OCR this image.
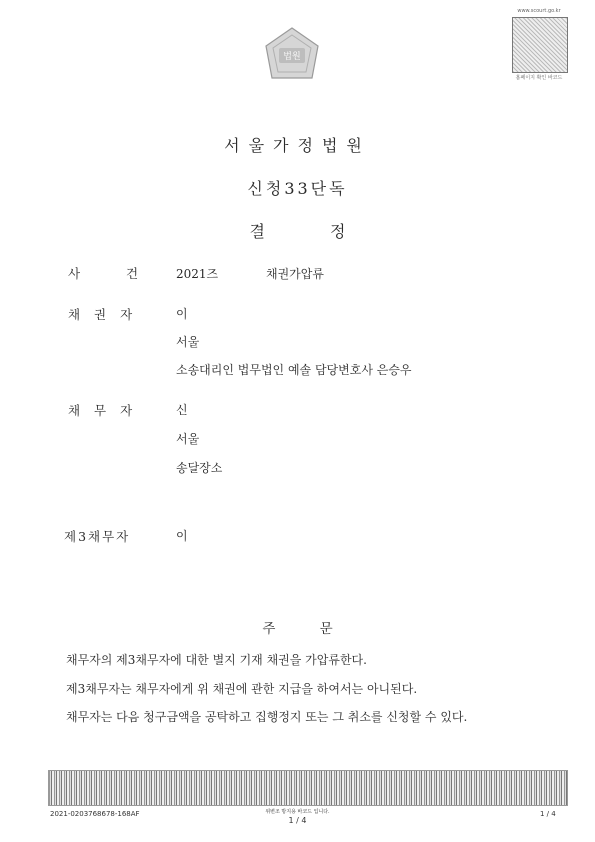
법원
www.scourt.go.kr
홈페이지 확인 바코드
서울가정법원
신청33단독
결 정
사 건	2021즈	채권가압류
채 권 자	이
서울
소송대리인 법무법인 예솔 담당변호사 은승우
채 무 자	신
서울
송달장소
제3채무자	이
주 문
채무자의 제3채무자에 대한 별지 기재 채권을 가압류한다.
제3채무자는 채무자에게 위 채권에 관한 지급을 하여서는 아니된다.
채무자는 다음 청구금액을 공탁하고 집행정지 또는 그 취소를 신청할 수 있다.
2021-0203768678-168AF	위변조 방지용 바코드 입니다.
1 / 4
1 / 4
